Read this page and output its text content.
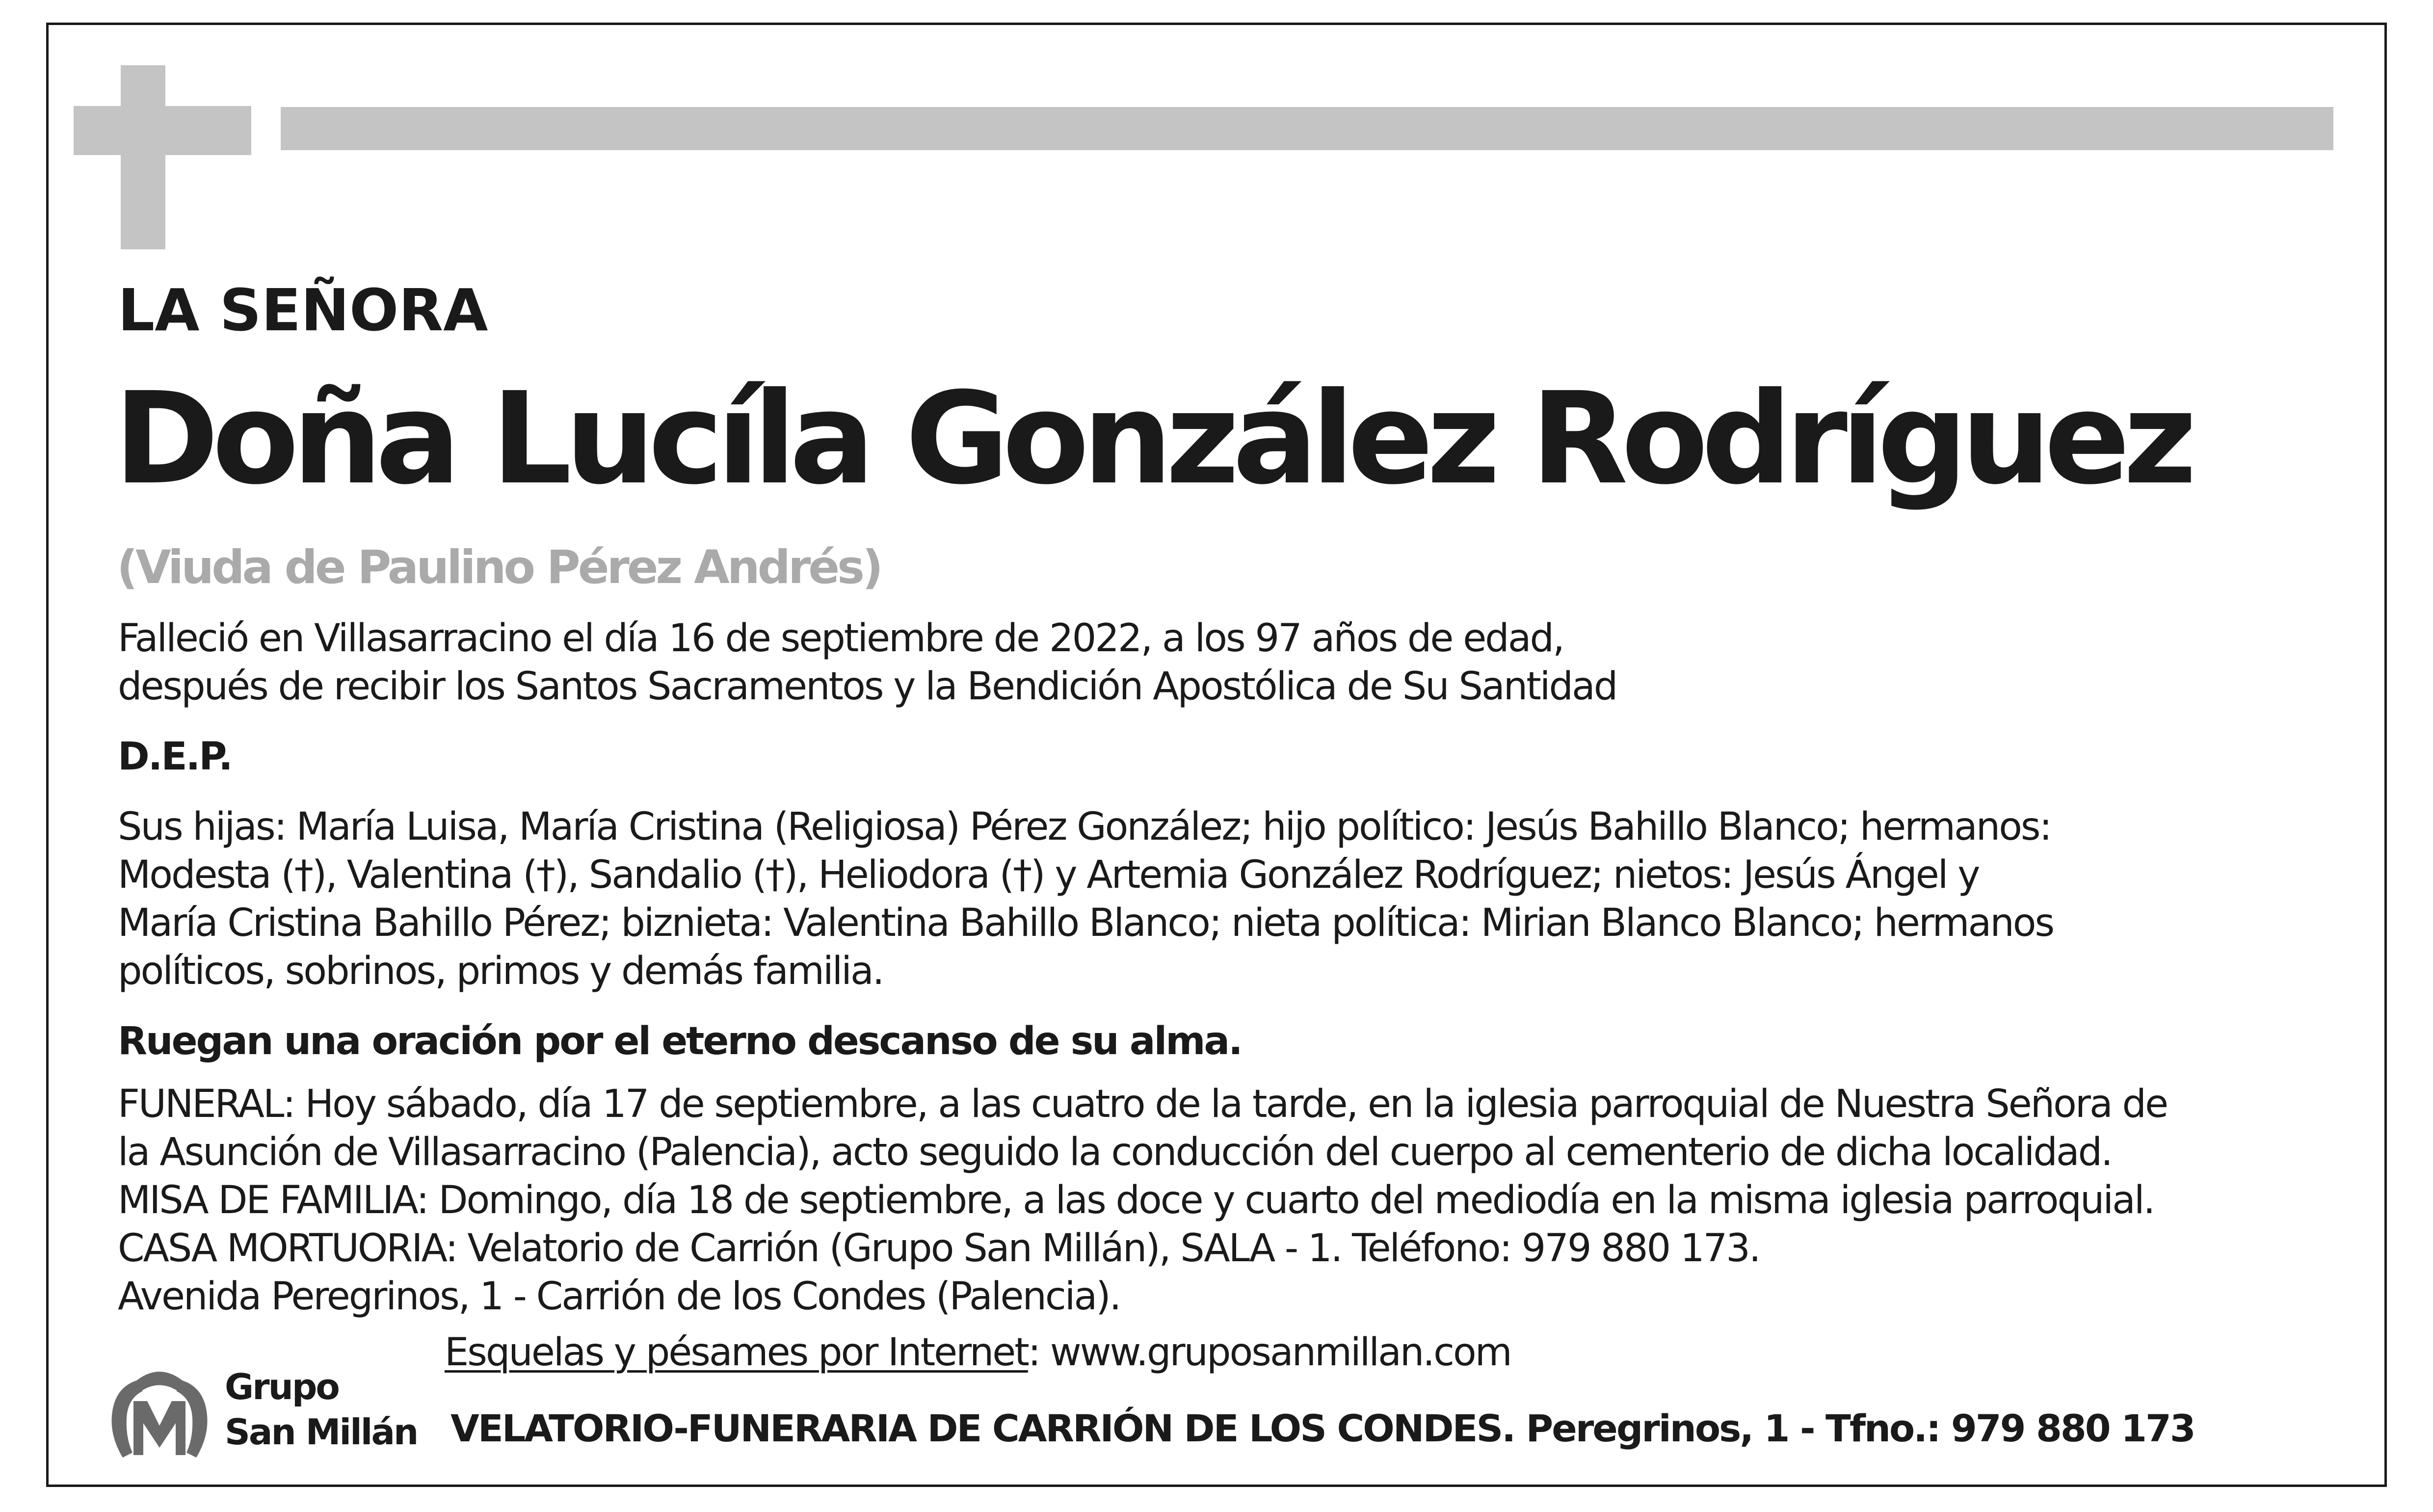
LA SEÑORA
Doña Lucíla González Rodríguez
(Viuda de Paulino Pérez Andrés)
Falleció en Villasarracino el día 16 de septiembre de 2022, a los 97 años de edad,
después de recibir los Santos Sacramentos y la Bendición Apostólica de Su Santidad
D.E.P.
Sus hijas: María Luisa, María Cristina (Religiosa) Pérez González; hijo político: Jesús Bahillo Blanco; hermanos:
Modesta (†), Valentina (†), Sandalio (†), Heliodora (†) y Artemia González Rodríguez; nietos: Jesús Ángel y
María Cristina Bahillo Pérez; biznieta: Valentina Bahillo Blanco; nieta política: Mirian Blanco Blanco; hermanos
políticos, sobrinos, primos y demás familia.
Ruegan una oración por el eterno descanso de su alma.
FUNERAL: Hoy sábado, día 17 de septiembre, a las cuatro de la tarde, en la iglesia parroquial de Nuestra Señora de
la Asunción de Villasarracino (Palencia), acto seguido la conducción del cuerpo al cementerio de dicha localidad.
MISA DE FAMILIA: Domingo, día 18 de septiembre, a las doce y cuarto del mediodía en la misma iglesia parroquial.
CASA MORTUORIA: Velatorio de Carrión (Grupo San Millán), SALA - 1. Teléfono: 979 880 173.
Avenida Peregrinos, 1 - Carrión de los Condes (Palencia).
Esquelas y pésames por Internet: www.gruposanmillan.com
Grupo
San Millán VELATORIO-FUNERARIA DE CARRIÓN DE LOS CONDES. Peregrinos, 1 - Tfno.: 979 880 173
